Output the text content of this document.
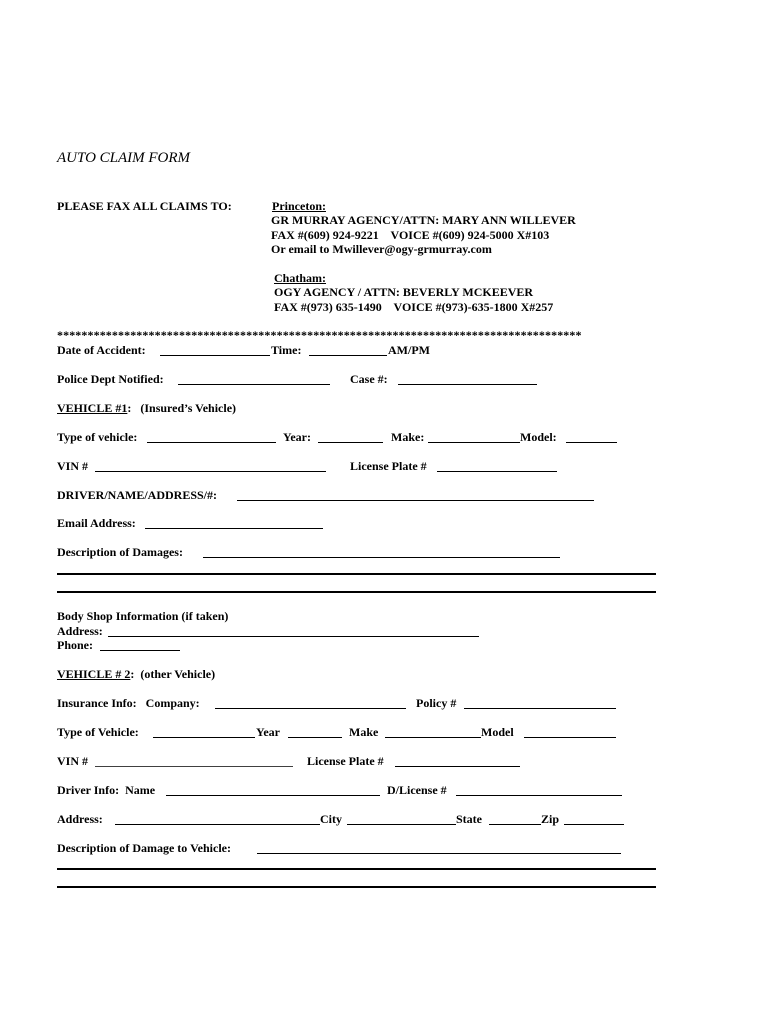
AUTO CLAIM FORM
PLEASE FAX ALL CLAIMS TO:	Princeton:
GR MURRAY AGENCY/ATTN: MARY ANN WILLEVER
FAX #(609) 924-9221    VOICE #(609) 924-5000 X#103
Or email to Mwillever@ogy-grmurray.com
Chatham:
OGY AGENCY / ATTN: BEVERLY MCKEEVER
FAX #(973) 635-1490    VOICE #(973)-635-1800 X#257
**************************************************************************************
Date of Accident:	Time:	AM/PM
Police Dept Notified:	Case #:
VEHICLE #1:   (Insured’s Vehicle)
Type of vehicle:	Year:	Make:	Model:
VIN #	License Plate #
DRIVER/NAME/ADDRESS/#:
Email Address:
Description of Damages:
Body Shop Information (if taken)
Address:
Phone:
VEHICLE # 2:  (other Vehicle)
Insurance Info:   Company:	Policy #
Type of Vehicle:	Year	Make	Model
VIN #	License Plate #
Driver Info:  Name	D/License #
Address:	City	State	Zip
Description of Damage to Vehicle:
